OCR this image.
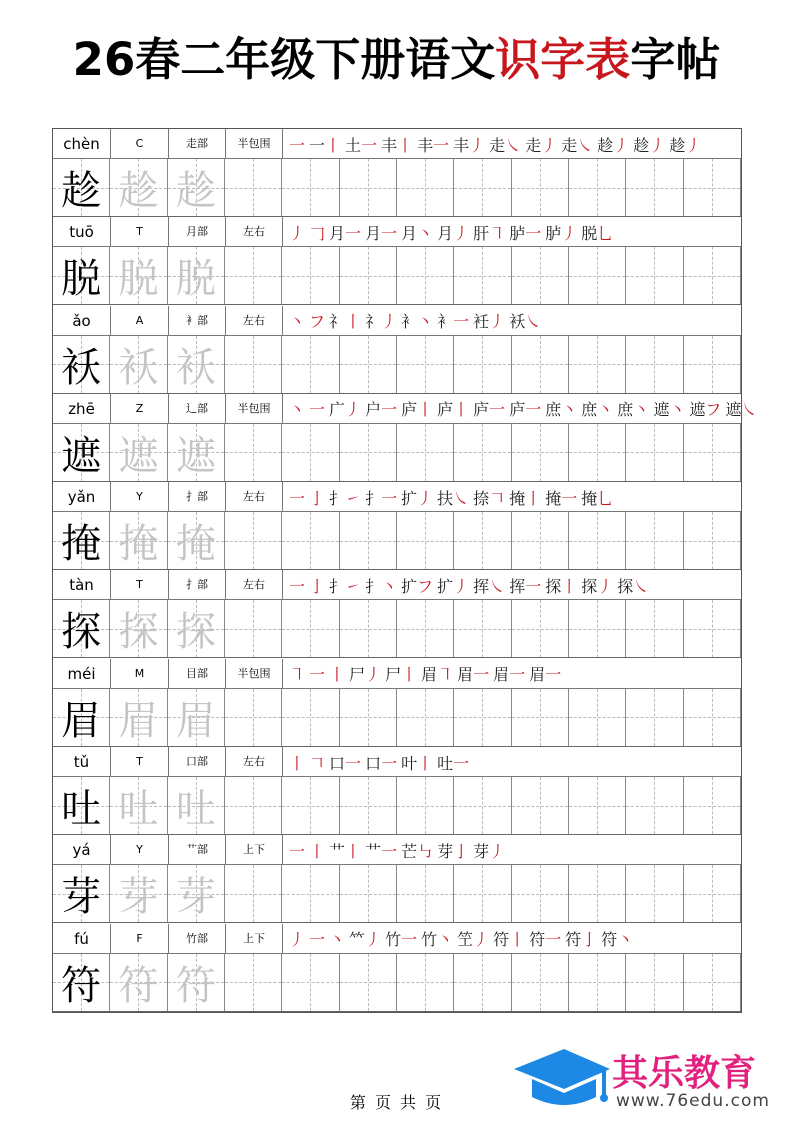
26春二年级下册语文识字表字帖
chèn	C	走部	半包围	一 一丨 土一 丰丨 丰一 丰丿 走㇏ 走丿 走㇏ 趁丿 趁丿 趁丿
趁 趁 趁
tuō	T	月部	左右	丿 𠃌 月一 月一 月丶 月丿 肝㇕ 胪一 胪丿 脱乚
脱 脱 脱
ǎo	A	衤部	左右	丶 フ 礻丨 礻丿 衤丶 衤一 衽丿 袄㇏
袄 袄 袄
zhē	Z	辶部	半包围	丶 一 广丿 户一 庐丨 庐丨 庐一 庐一 庶丶 庶丶 庶丶 遮丶 遮フ 遮㇏
遮 遮 遮
yǎn	Y	扌部	左右	一 亅 扌㇀ 扌一 扩丿 扶㇏ 捺𠃍 掩丨 掩一 掩乚
掩 掩 掩
tàn	T	扌部	左右	一 亅 扌㇀ 扌丶 扩フ 扩丿 挥㇏ 挥一 探丨 探丿 探㇏
探 探 探
méi	M	目部	半包围	㇕ 一 丨 尸丿 尸丨 眉㇕ 眉一 眉一 眉一
眉 眉 眉
tǔ	T	口部	左右	丨 𠃍 口一 口一 叶丨 吐一
吐 吐 吐
yá	Y	艹部	上下	一 丨 艹丨 艹一 芒㇉ 芽亅 芽丿
芽 芽 芽
fú	F	竹部	上下	丿 一 丶 𥫗丿 竹一 竹丶 笁丿 符丨 符一 符亅 符丶
符 符 符
其乐教育
www.76edu.com
第 页 共 页
